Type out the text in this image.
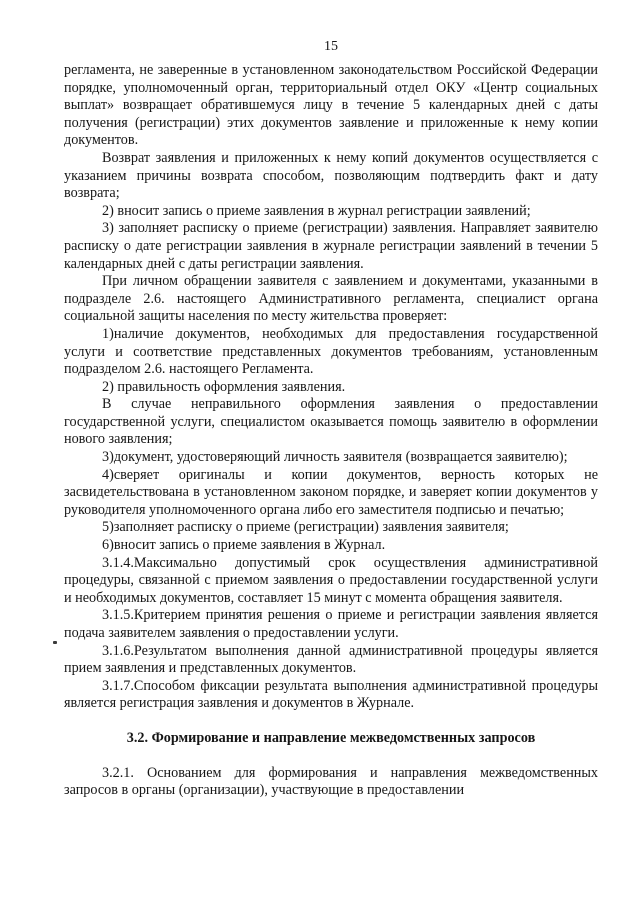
15

регламента, не заверенные в установленном законодательством Российской Федерации порядке, уполномоченный орган, территориальный отдел ОКУ «Центр социальных выплат» возвращает обратившемуся лицу в течение 5 календарных дней с даты получения (регистрации) этих документов заявление и приложенные к нему копии документов.

Возврат заявления и приложенных к нему копий документов осуществляется с указанием причины возврата способом, позволяющим подтвердить факт и дату возврата;

2) вносит запись о приеме заявления в журнал регистрации заявлений;

3) заполняет расписку о приеме (регистрации) заявления. Направляет заявителю расписку о дате регистрации заявления в журнале регистрации заявлений в течении 5 календарных дней с даты регистрации заявления.

При личном обращении заявителя с заявлением и документами, указанными в подразделе 2.6. настоящего Административного регламента, специалист органа социальной защиты населения по месту жительства проверяет:

1)наличие документов, необходимых для предоставления государственной услуги и соответствие представленных документов требованиям, установленным подразделом 2.6. настоящего Регламента.

2) правильность оформления заявления.

В случае неправильного оформления заявления о предоставлении государственной услуги, специалистом оказывается помощь заявителю в оформлении нового заявления;

3)документ, удостоверяющий личность заявителя (возвращается заявителю);

4)сверяет оригиналы и копии документов, верность которых не засвидетельствована в установленном законом порядке, и заверяет копии документов у руководителя уполномоченного органа либо его заместителя подписью и печатью;

5)заполняет расписку о приеме (регистрации) заявления заявителя;

6)вносит запись о приеме заявления в Журнал.

3.1.4.Максимально допустимый срок осуществления административной процедуры, связанной с приемом заявления о предоставлении государственной услуги и необходимых документов, составляет 15 минут с момента обращения заявителя.

3.1.5.Критерием принятия решения о приеме и регистрации заявления является подача заявителем заявления о предоставлении услуги.

3.1.6.Результатом выполнения данной административной процедуры является прием заявления и представленных документов.

3.1.7.Способом фиксации результата выполнения административной процедуры является регистрация заявления и документов в Журнале.

3.2. Формирование и направление межведомственных запросов

3.2.1. Основанием для формирования и направления межведомственных запросов в органы (организации), участвующие в предоставлении
